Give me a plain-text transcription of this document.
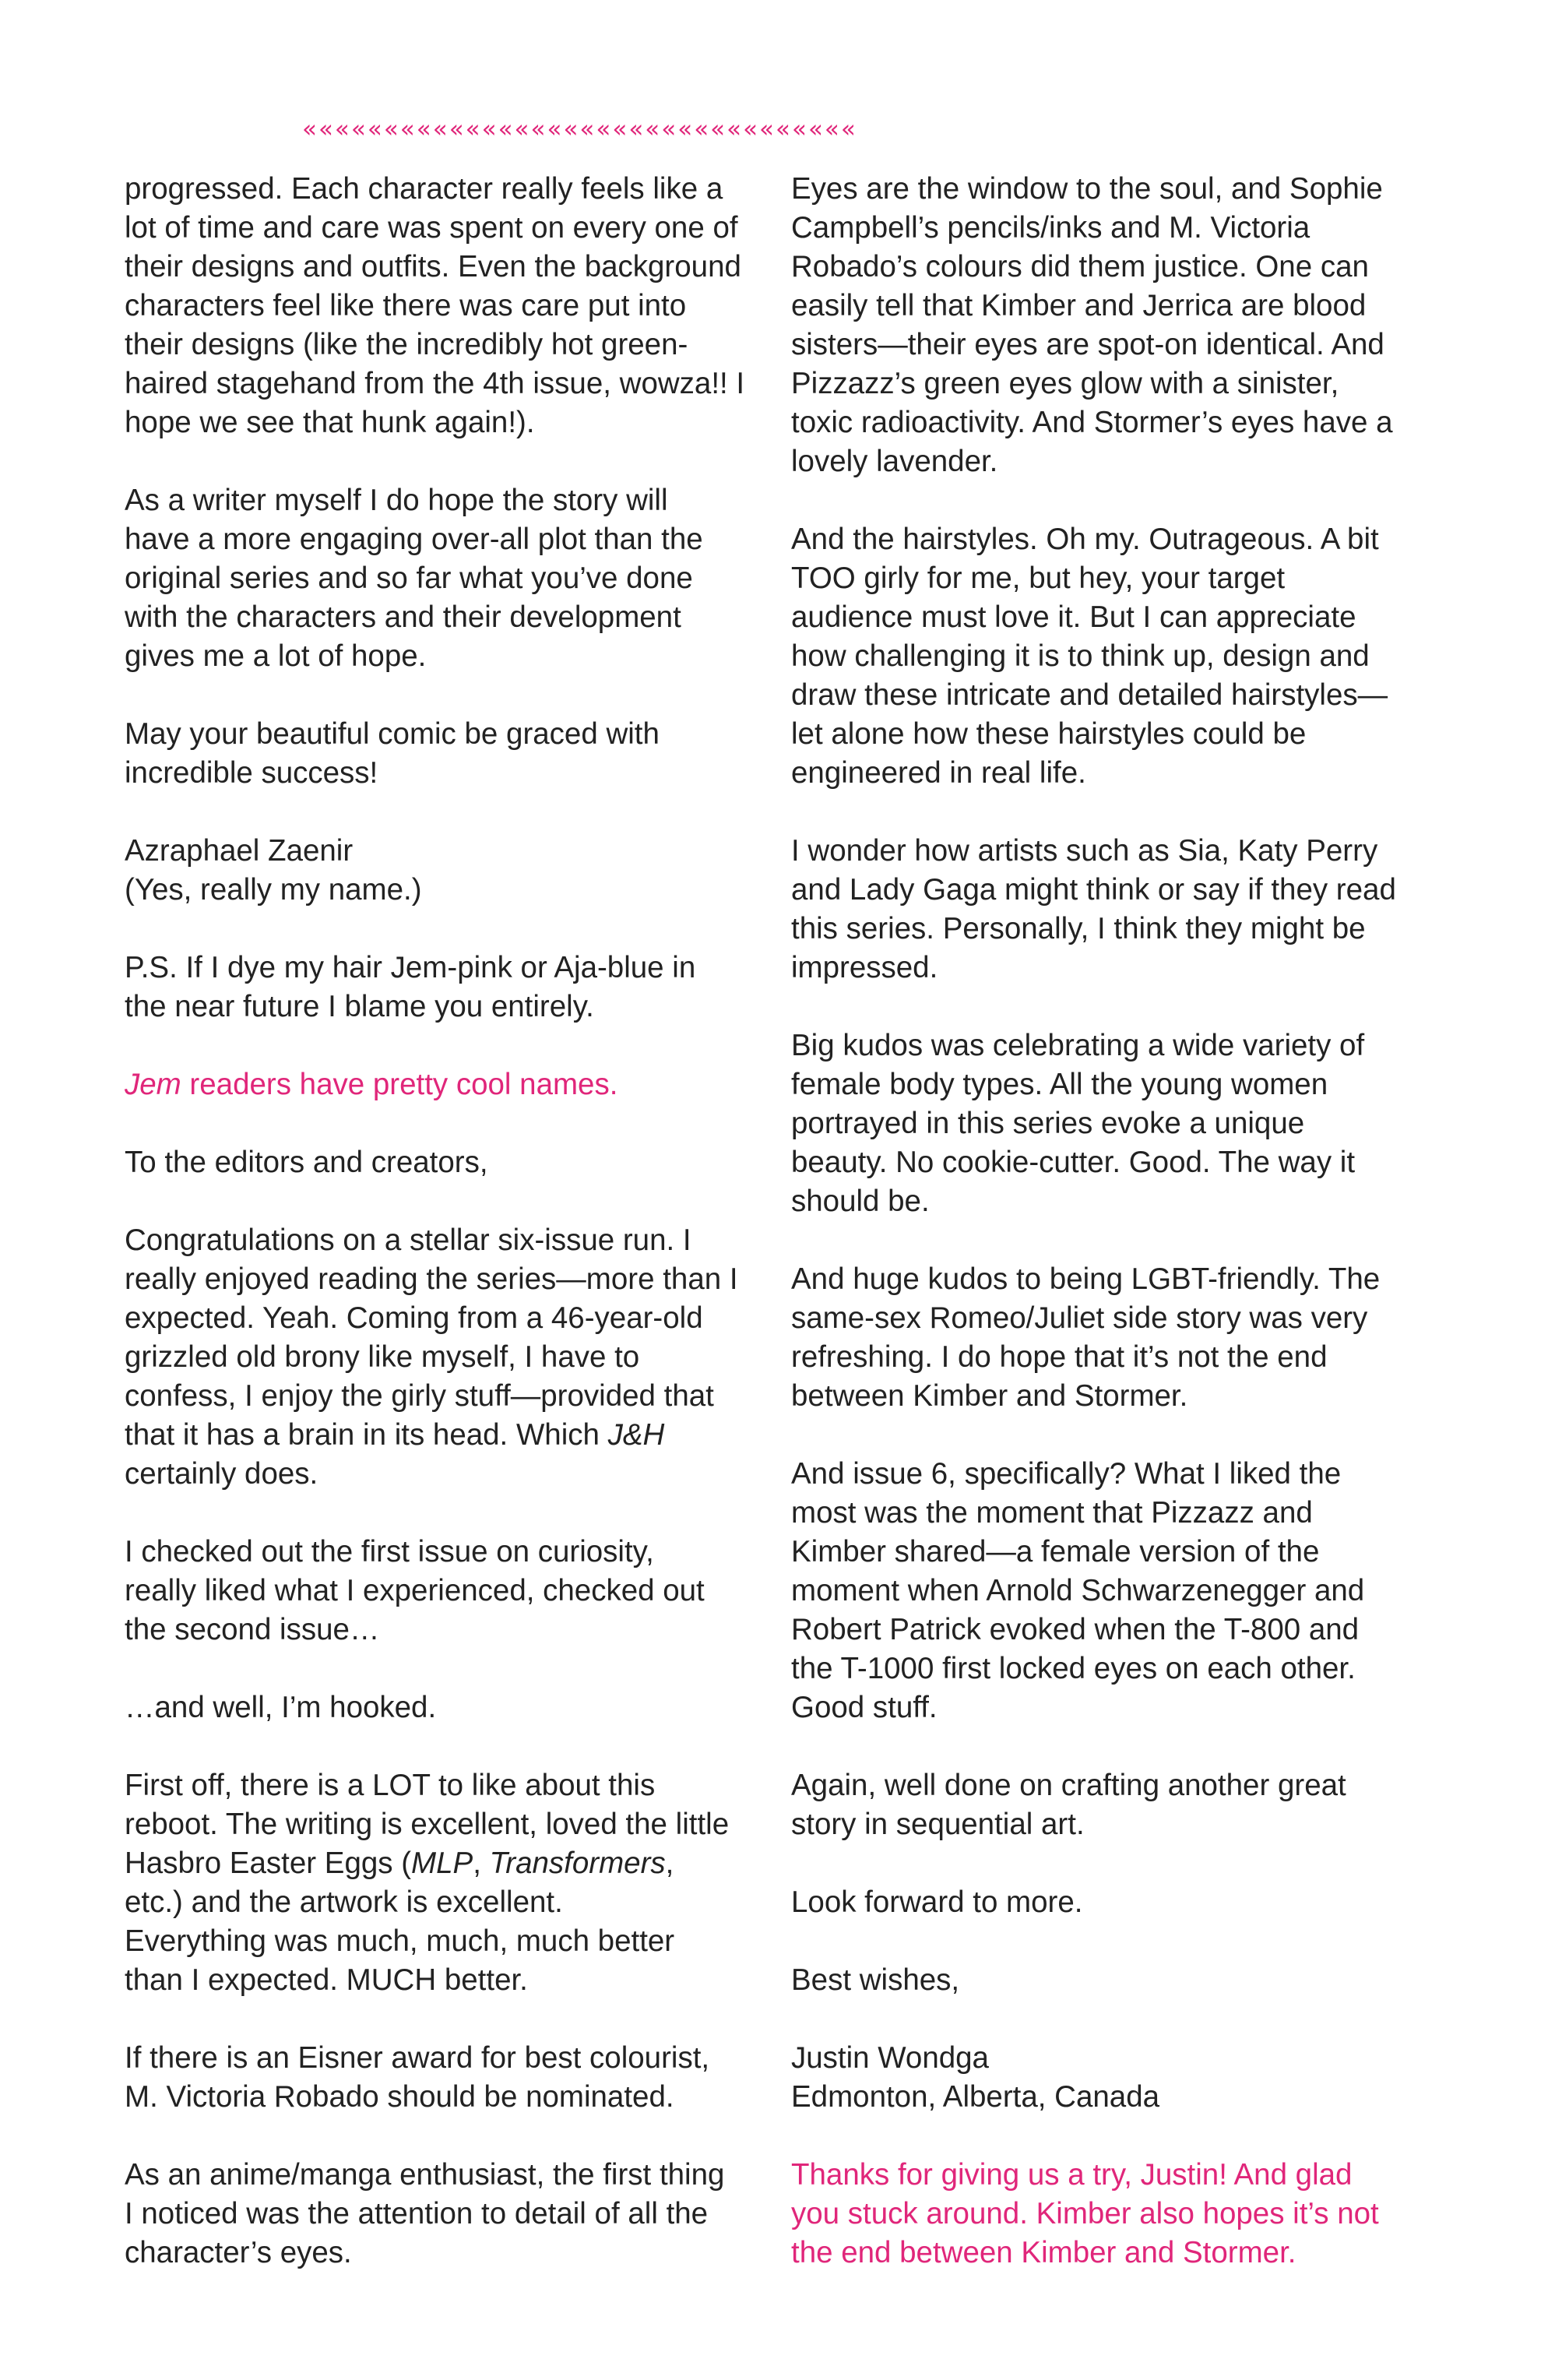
««««««««««««««««««««««««««««««««««
progressed. Each character really feels like a
lot of time and care was spent on every one of
their designs and outfits. Even the background
characters feel like there was care put into
their designs (like the incredibly hot green-
haired stagehand from the 4th issue, wowza!! I
hope we see that hunk again!).
As a writer myself I do hope the story will
have a more engaging over-all plot than the
original series and so far what you’ve done
with the characters and their development
gives me a lot of hope.
May your beautiful comic be graced with
incredible success!
Azraphael Zaenir
(Yes, really my name.)
P.S. If I dye my hair Jem-pink or Aja-blue in
the near future I blame you entirely.
Jem readers have pretty cool names.
To the editors and creators,
Congratulations on a stellar six-issue run. I
really enjoyed reading the series—more than I
expected. Yeah. Coming from a 46-year-old
grizzled old brony like myself, I have to
confess, I enjoy the girly stuff—provided that
that it has a brain in its head. Which J&H
certainly does.
I checked out the first issue on curiosity,
really liked what I experienced, checked out
the second issue…
…and well, I’m hooked.
First off, there is a LOT to like about this
reboot. The writing is excellent, loved the little
Hasbro Easter Eggs (MLP, Transformers,
etc.) and the artwork is excellent.
Everything was much, much, much better
than I expected. MUCH better.
If there is an Eisner award for best colourist,
M. Victoria Robado should be nominated.
As an anime/manga enthusiast, the first thing
I noticed was the attention to detail of all the
character’s eyes.
Eyes are the window to the soul, and Sophie
Campbell’s pencils/inks and M. Victoria
Robado’s colours did them justice. One can
easily tell that Kimber and Jerrica are blood
sisters—their eyes are spot-on identical. And
Pizzazz’s green eyes glow with a sinister,
toxic radioactivity. And Stormer’s eyes have a
lovely lavender.
And the hairstyles. Oh my. Outrageous. A bit
TOO girly for me, but hey, your target
audience must love it. But I can appreciate
how challenging it is to think up, design and
draw these intricate and detailed hairstyles—
let alone how these hairstyles could be
engineered in real life.
I wonder how artists such as Sia, Katy Perry
and Lady Gaga might think or say if they read
this series. Personally, I think they might be
impressed.
Big kudos was celebrating a wide variety of
female body types. All the young women
portrayed in this series evoke a unique
beauty. No cookie-cutter. Good. The way it
should be.
And huge kudos to being LGBT-friendly. The
same-sex Romeo/Juliet side story was very
refreshing. I do hope that it’s not the end
between Kimber and Stormer.
And issue 6, specifically? What I liked the
most was the moment that Pizzazz and
Kimber shared—a female version of the
moment when Arnold Schwarzenegger and
Robert Patrick evoked when the T-800 and
the T-1000 first locked eyes on each other.
Good stuff.
Again, well done on crafting another great
story in sequential art.
Look forward to more.
Best wishes,
Justin Wondga
Edmonton, Alberta, Canada
Thanks for giving us a try, Justin! And glad
you stuck around. Kimber also hopes it’s not
the end between Kimber and Stormer.
